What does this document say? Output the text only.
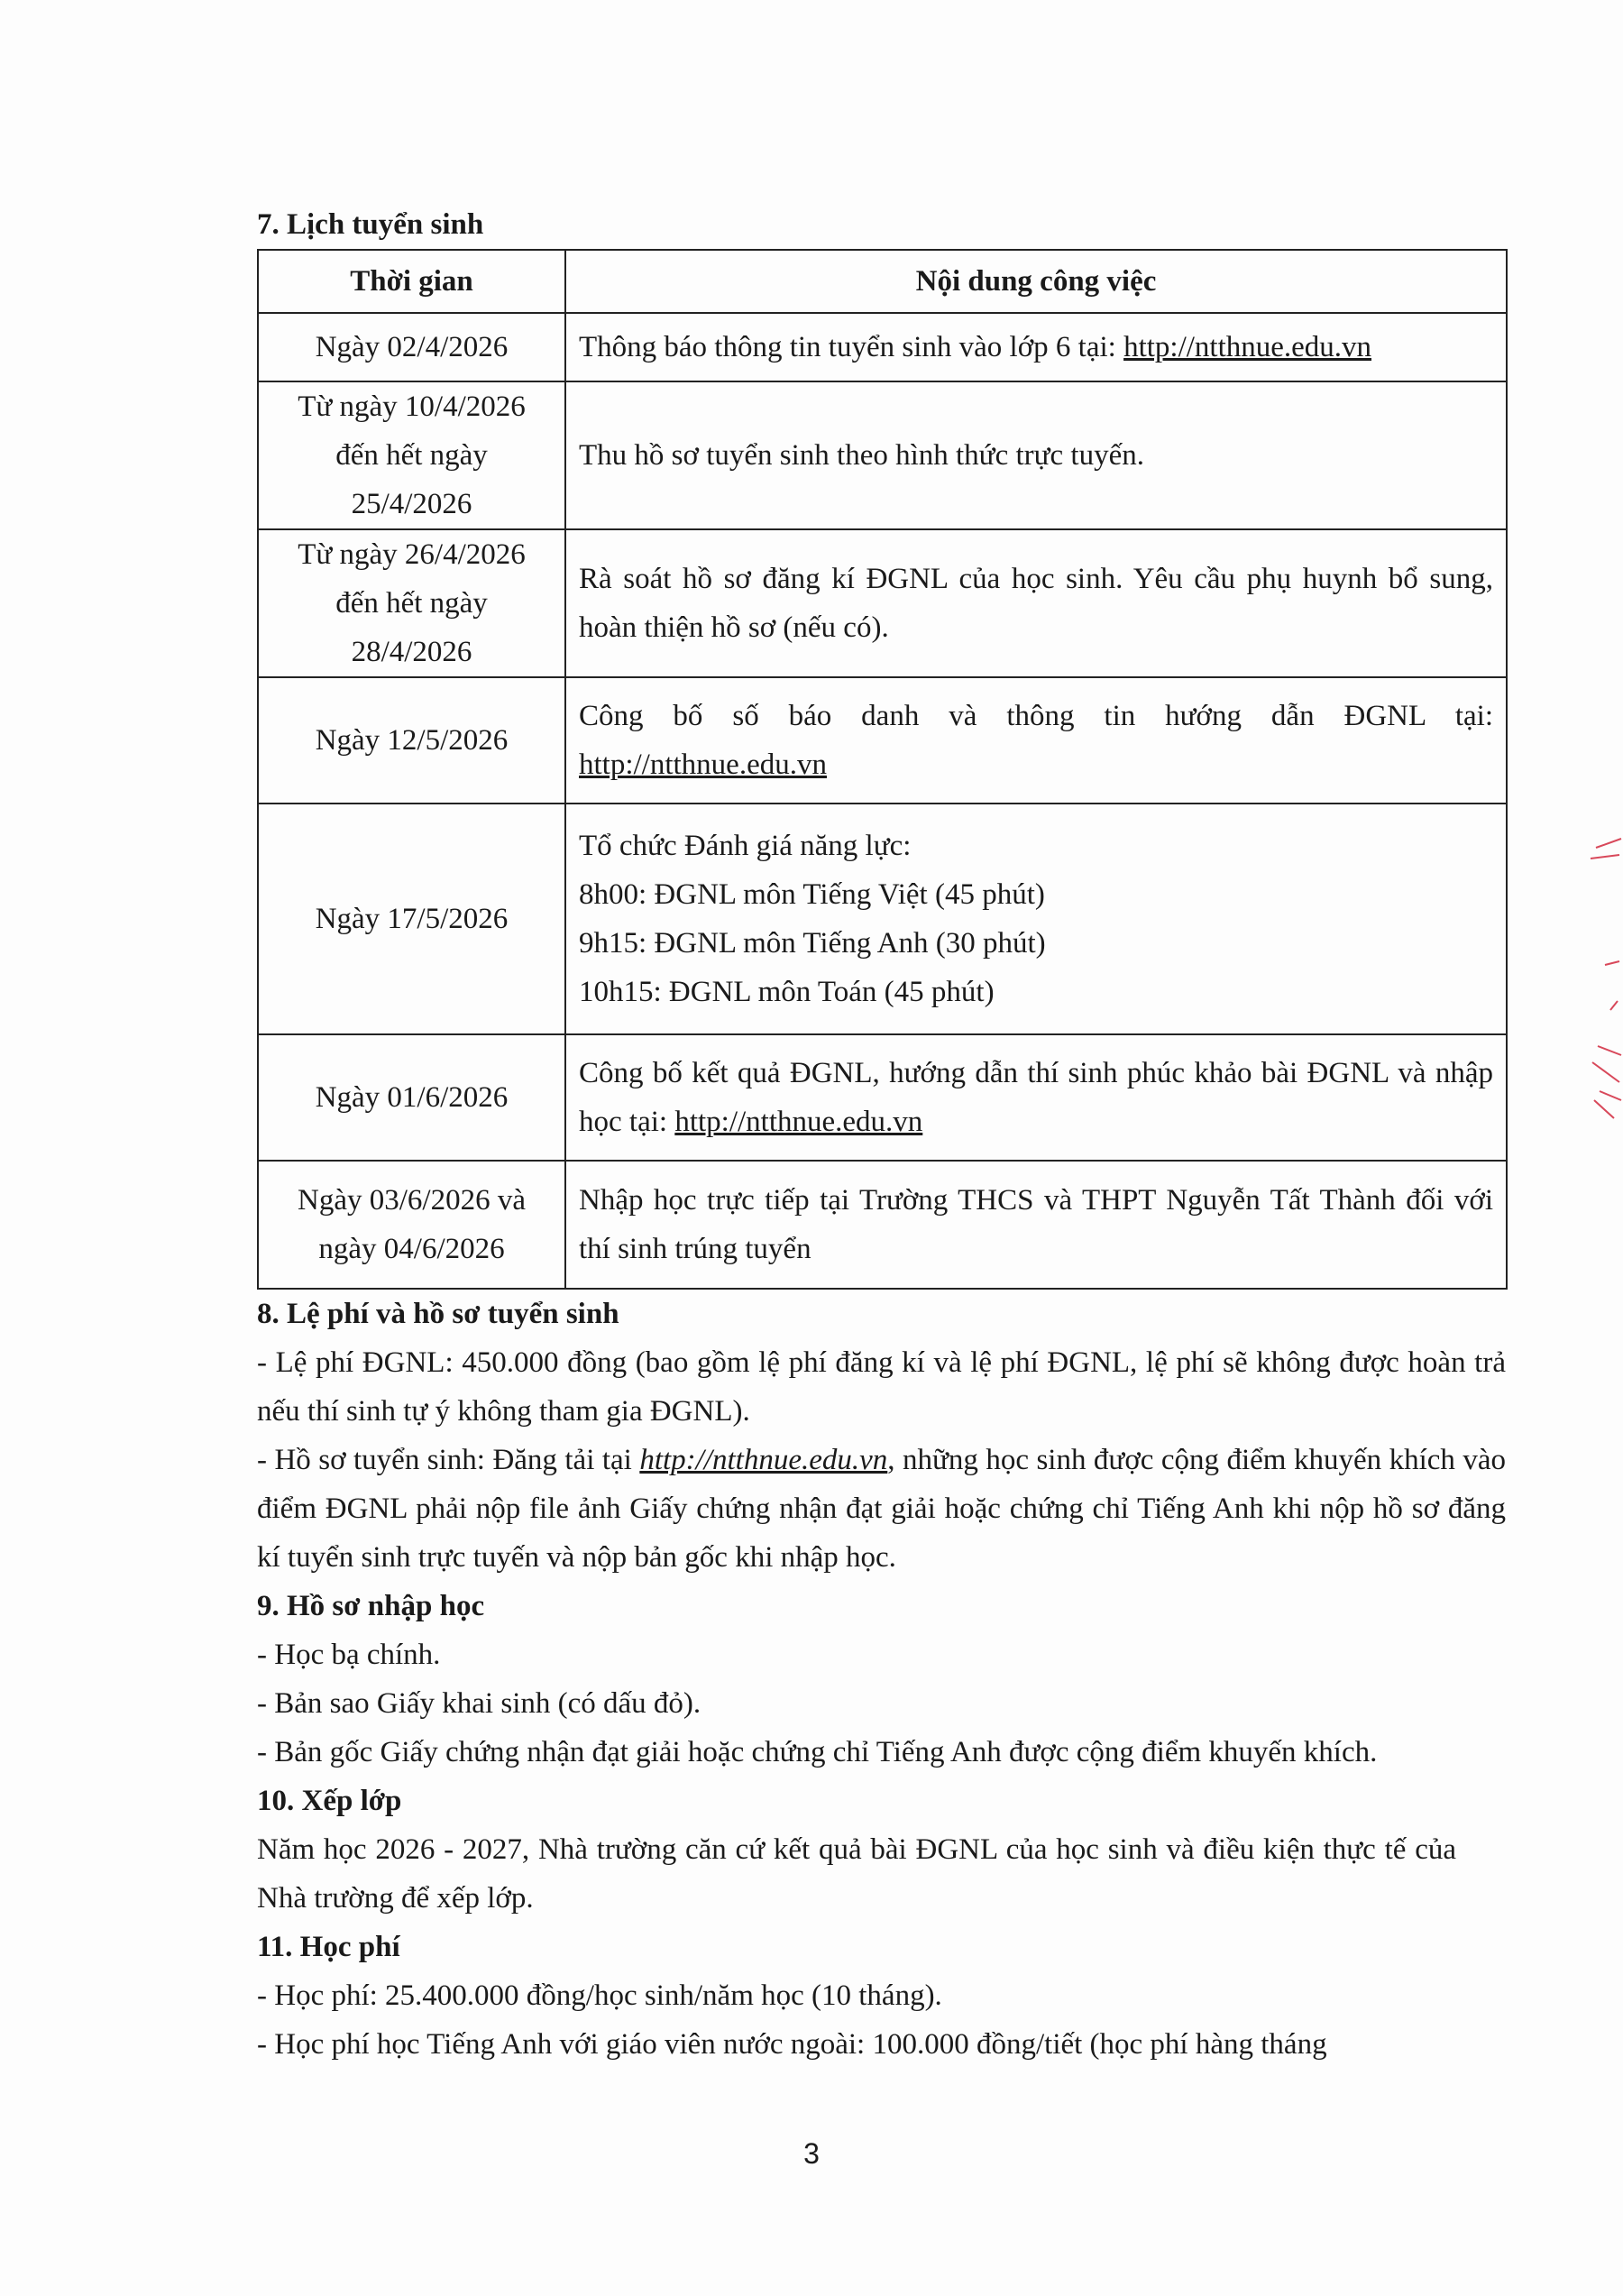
7. Lịch tuyển sinh
Thời gian	Nội dung công việc
Ngày 02/4/2026	Thông báo thông tin tuyển sinh vào lớp 6 tại: http://ntthnue.edu.vn

Từ ngày 10/4/2026
đến hết ngày
25/4/2026	Thu hồ sơ tuyển sinh theo hình thức trực tuyến.

Từ ngày 26/4/2026
đến hết ngày
28/4/2026	Rà soát hồ sơ đăng kí ĐGNL của học sinh. Yêu cầu phụ huynh bổ sung, hoàn thiện hồ sơ (nếu có).
Ngày 12/5/2026	Công bố số báo danh và thông tin hướng dẫn ĐGNL tại: http://ntthnue.edu.vn
Ngày 17/5/2026	Tổ chức Đánh giá năng lực:
8h00: ĐGNL môn Tiếng Việt (45 phút)
9h15: ĐGNL môn Tiếng Anh (30 phút)
10h15: ĐGNL môn Toán (45 phút)

Ngày 01/6/2026	Công bố kết quả ĐGNL, hướng dẫn thí sinh phúc khảo bài ĐGNL và nhập học tại: http://ntthnue.edu.vn

Ngày 03/6/2026 và
ngày 04/6/2026	Nhập học trực tiếp tại Trường THCS và THPT Nguyễn Tất Thành đối với thí sinh trúng tuyển
8. Lệ phí và hồ sơ tuyển sinh
- Lệ phí ĐGNL: 450.000 đồng (bao gồm lệ phí đăng kí và lệ phí ĐGNL, lệ phí sẽ không được hoàn trả nếu thí sinh tự ý không tham gia ĐGNL).
- Hồ sơ tuyển sinh: Đăng tải tại http://ntthnue.edu.vn, những học sinh được cộng điểm khuyến khích vào điểm ĐGNL phải nộp file ảnh Giấy chứng nhận đạt giải hoặc chứng chỉ Tiếng Anh khi nộp hồ sơ đăng kí tuyển sinh trực tuyến và nộp bản gốc khi nhập học.
9. Hồ sơ nhập học
- Học bạ chính.
- Bản sao Giấy khai sinh (có dấu đỏ).
- Bản gốc Giấy chứng nhận đạt giải hoặc chứng chỉ Tiếng Anh được cộng điểm khuyến khích.
10. Xếp lớp
Năm học 2026 - 2027, Nhà trường căn cứ kết quả bài ĐGNL của học sinh và điều kiện thực tế của Nhà trường để xếp lớp.
11. Học phí
- Học phí: 25.400.000 đồng/học sinh/năm học (10 tháng).
- Học phí học Tiếng Anh với giáo viên nước ngoài: 100.000 đồng/tiết (học phí hàng tháng
3
